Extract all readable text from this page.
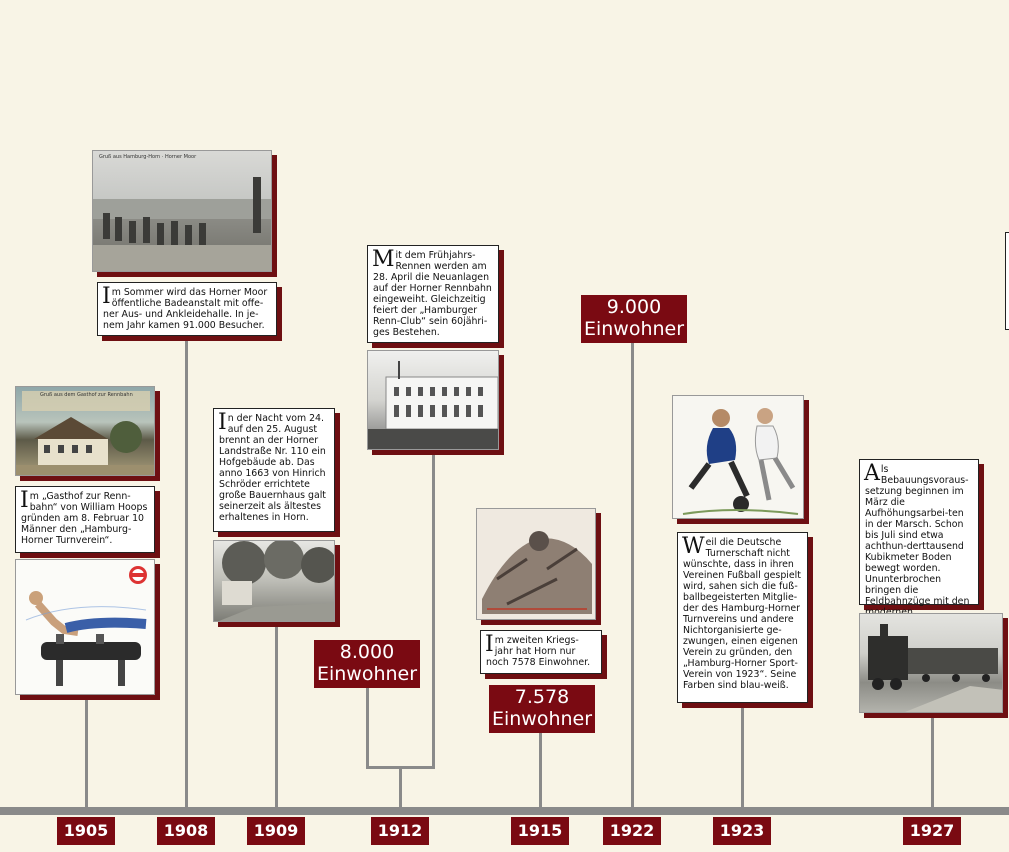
1905	1908	1909	1912	1915	1922	1923	1927
Gruß aus dem Gasthof zur Rennbahn
Im „Gasthof zur Renn-bahn“ von William Hoops gründen am 8. Februar 10 Männer den „Hamburg-Horner Turnverein“.
Gruß aus Hamburg-Horn · Horner Moor
Im Sommer wird das Horner Moor öffentliche Badeanstalt mit offe-ner Aus- und Ankleidehalle. In je-nem Jahr kamen 91.000 Besucher.
In der Nacht vom 24. auf den 25. August brennt an der Horner Landstraße Nr. 110 ein Hofgebäude ab. Das anno 1663 von Hinrich Schröder errichtete große Bauernhaus galt seinerzeit als ältestes erhaltenes in Horn.
Mit dem Frühjahrs-Rennen werden am 28. April die Neuanlagen auf der Horner Rennbahn eingeweiht. Gleichzeitig feiert der „Hamburger Renn-Club“ sein 60jähri-ges Bestehen.
8.000
Einwohner
Im zweiten Kriegs-jahr hat Horn nur noch 7578 Einwohner.
7.578
Einwohner
9.000
Einwohner
Weil die Deutsche Turnerschaft nicht wünschte, dass in ihren Vereinen Fußball gespielt wird, sahen sich die fuß-ballbegeisterten Mitglie-der des Hamburg-Horner Turnvereins und andere Nichtorganisierte ge-zwungen, einen eigenen Verein zu gründen, den „Hamburg-Horner Sport-Verein von 1923“. Seine Farben sind blau-weiß.
Als Bebauungsvoraus-setzung beginnen im März die Aufhöhungsarbei-ten in der Marsch. Schon bis Juli sind etwa achthun-derttausend Kubikmeter Boden bewegt worden. Ununterbrochen bringen die Feldbahnzüge mit den
